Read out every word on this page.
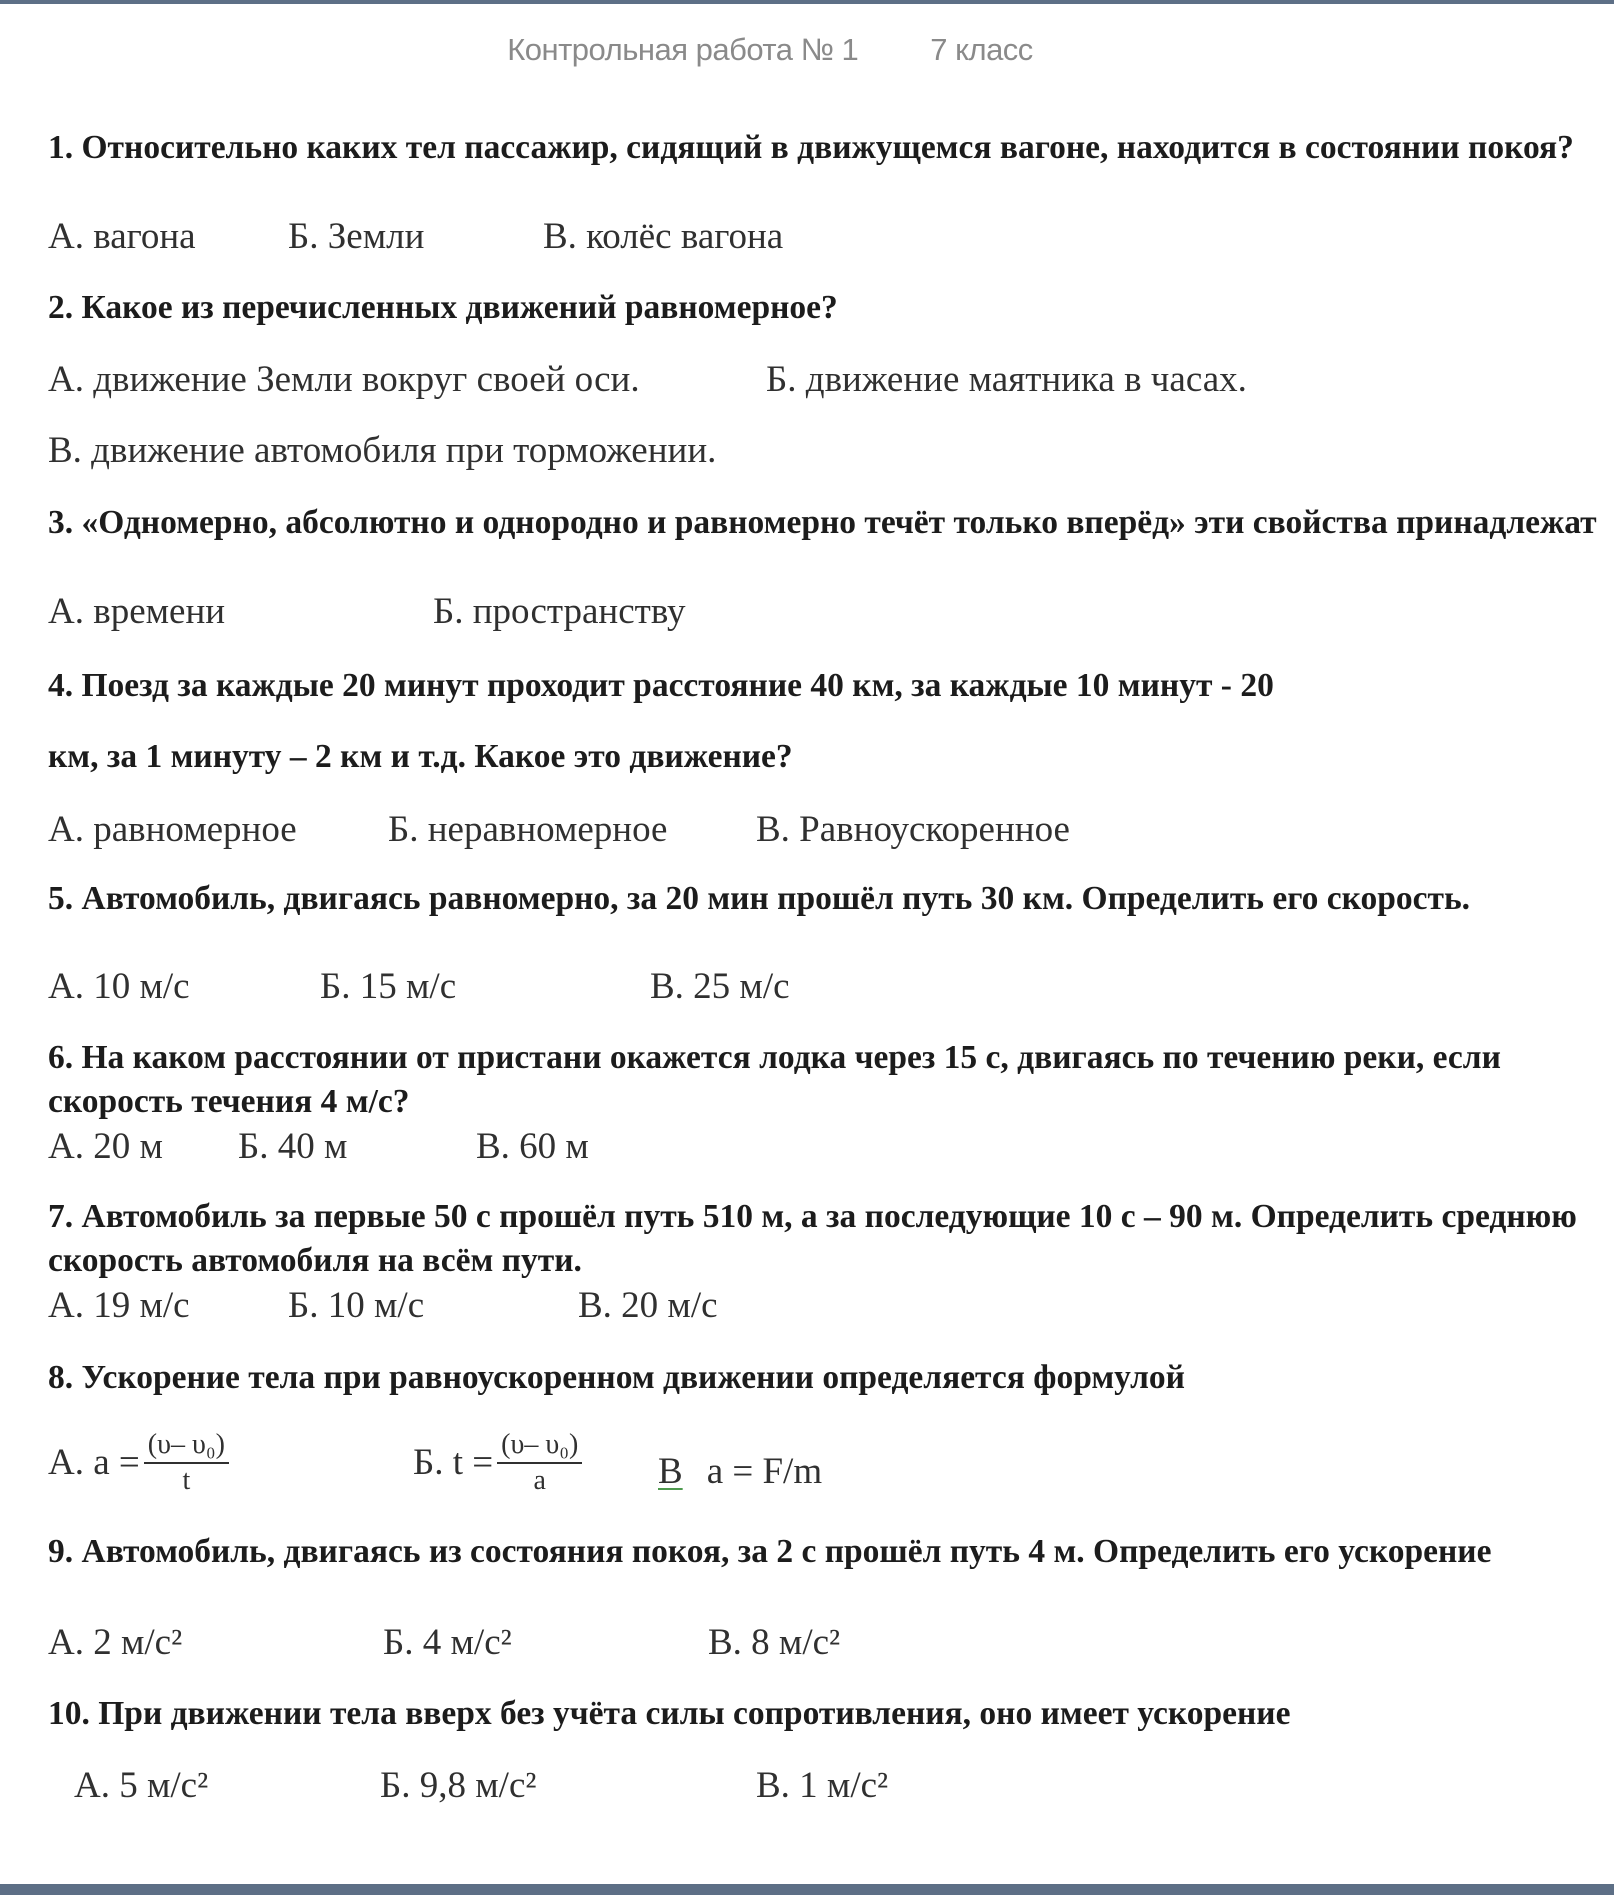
Контрольная работа № 1 7 класс
1. Относительно каких тел пассажир, сидящий в движущемся вагоне, находится в состоянии покоя?
А. вагона Б. Земли	В. колёс вагона
2. Какое из перечисленных движений равномерное?
А. движение Земли вокруг своей оси.	Б. движение маятника в часах.
В. движение автомобиля при торможении.
3. «Одномерно, абсолютно и однородно и равномерно течёт только вперёд» эти свойства принадлежат
А. времени	Б. пространству
4. Поезд за каждые 20 минут проходит расстояние 40 км, за каждые 10 минут - 20
км, за 1 минуту – 2 км и т.д. Какое это движение?
А. равномерное Б. неравномерное В. Равноускоренное
5. Автомобиль, двигаясь равномерно, за 20 мин прошёл путь 30 км. Определить его скорость.
А. 10 м/с	Б. 15 м/с	В. 25 м/с
6. На каком расстоянии от пристани окажется лодка через 15 с, двигаясь по течению реки, если скорость течения 4 м/с?
А. 20 м Б. 40 м	В. 60 м
7. Автомобиль за первые 50 с прошёл путь 510 м, а за последующие 10 с – 90 м. Определить среднюю скорость автомобиля на всём пути.
А. 19 м/с	Б. 10 м/с	В. 20 м/с
8. Ускорение тела при равноускоренном движении определяется формулой
А. $a = \frac{\text{(υ– υ₀)}}{t}$	Б. $t = \frac{\text{(υ– υ₀)}}{a}$ В a = F/m
9. Автомобиль, двигаясь из состояния покоя, за 2 с прошёл путь 4 м. Определить его ускорение
А. 2 м/с²	Б. 4 м/с²	В. 8 м/с²
10. При движении тела вверх без учёта силы сопротивления, оно имеет ускорение
А. 5 м/с²	Б. 9,8 м/с²	В. 1 м/с²
